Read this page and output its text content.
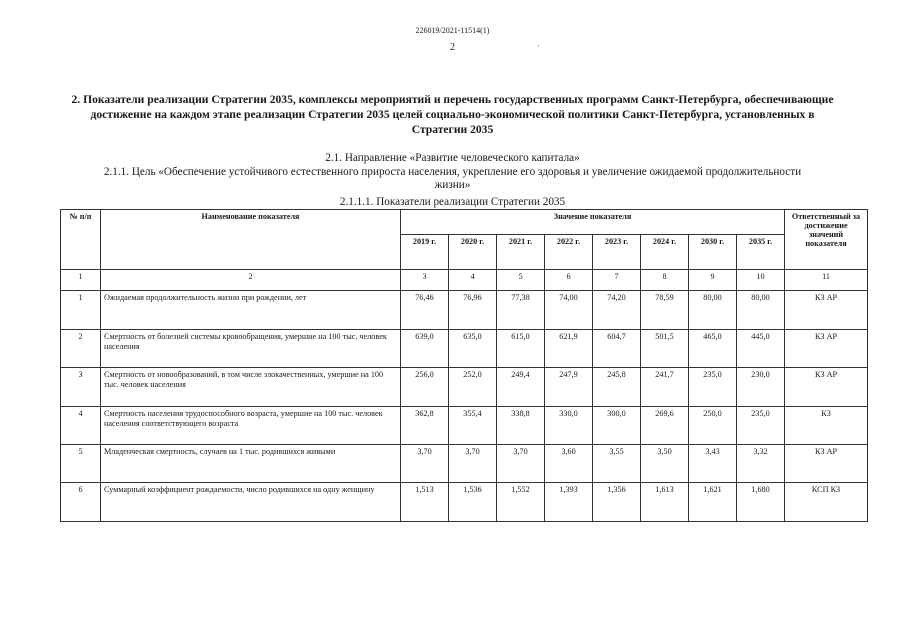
226019/2021-11514(1)
2	·
2. Показатели реализации Стратегии 2035, комплексы мероприятий и перечень государственных программ Санкт-Петербурга, обеспечивающие достижение на каждом этапе реализации Стратегии 2035 целей социально-экономической политики Санкт-Петербурга, установленных в Стратегии 2035
2.1. Направление «Развитие человеческого капитала»
2.1.1. Цель «Обеспечение устойчивого естественного прироста населения, укрепление его здоровья и увеличение ожидаемой продолжительности жизни»
2.1.1.1. Показатели реализации Стратегии 2035
№ п/п	Наименование показателя	Значение показателя								Ответственный за достижение значений показателя
		2019 г.	2020 г.	2021 г.	2022 г.	2023 г.	2024 г.	2030 г.	2035 г.	
1	2	3	4	5	6	7	8	9	10	11
1	Ожидаемая продолжительность жизни при рождении, лет	76,46	76,96	77,38	74,00	74,20	78,59	80,00	80,00	КЗ АР
2	Смертность от болезней системы кровообращения, умершие на 100 тыс. человек населения	639,0	635,0	615,0	621,9	604,7	501,5	465,0	445,0	КЗ АР
3	Смертность от новообразований, в том числе злокачественных, умершие на 100 тыс. человек населения	256,0	252,0	249,4	247,9	245,8	241,7	235,0	230,0	КЗ АР
4	Смертность населения трудоспособного возраста, умершие на 100 тыс. человек населения соответствующего возраста	362,8	355,4	338,8	330,0	300,0	269,6	250,0	235,0	КЗ
5	Младенческая смертность, случаев на 1 тыс. родившихся живыми	3,70	3,70	3,70	3,60	3,55	3,50	3,43	3,32	КЗ АР
6	Суммарный коэффициент рождаемости, число родившихся на одну женщину	1,513	1,536	1,552	1,393	1,356	1,613	1,621	1,680	КСП КЗ
